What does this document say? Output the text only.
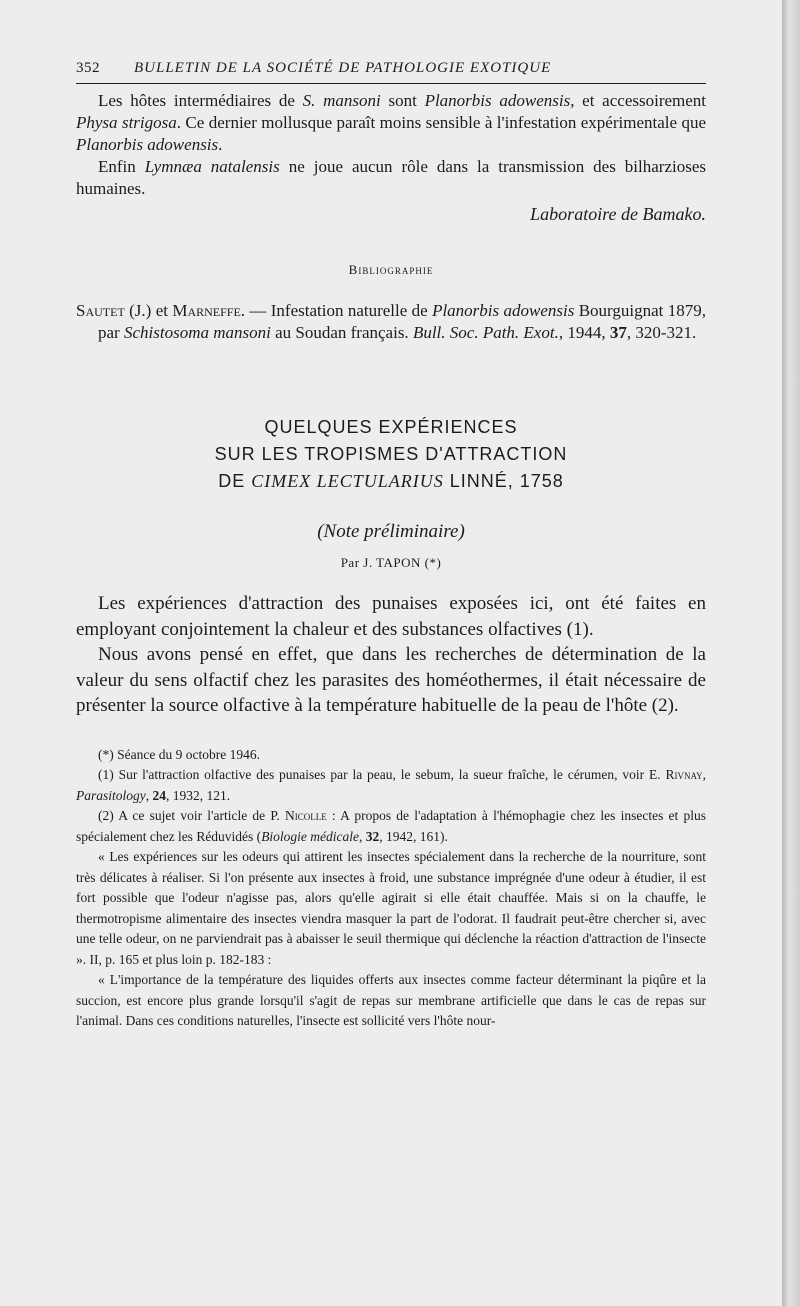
352 BULLETIN DE LA SOCIÉTÉ DE PATHOLOGIE EXOTIQUE

Les hôtes intermédiaires de S. mansoni sont Planorbis adowensis, et accessoirement Physa strigosa. Ce dernier mollusque paraît moins sensible à l'infestation expérimentale que Planorbis adowensis.

Enfin Lymnæa natalensis ne joue aucun rôle dans la transmission des bilharzioses humaines.

Laboratoire de Bamako.

Bibliographie

Sautet (J.) et Marneffe. — Infestation naturelle de Planorbis adowensis Bourguignat 1879, par Schistosoma mansoni au Soudan français. Bull. Soc. Path. Exot., 1944, 37, 320-321.

QUELQUES EXPÉRIENCES
SUR LES TROPISMES D'ATTRACTION
DE CIMEX LECTULARIUS LINNÉ, 1758
(Note préliminaire)
Par J. TAPON (*)

Les expériences d'attraction des punaises exposées ici, ont été faites en employant conjointement la chaleur et des substances olfactives (1).

Nous avons pensé en effet, que dans les recherches de détermination de la valeur du sens olfactif chez les parasites des homéothermes, il était nécessaire de présenter la source olfactive à la température habituelle de la peau de l'hôte (2).

(*) Séance du 9 octobre 1946.

(1) Sur l'attraction olfactive des punaises par la peau, le sebum, la sueur fraîche, le cérumen, voir E. Rivnay, Parasitology, 24, 1932, 121.

(2) A ce sujet voir l'article de P. Nicolle : A propos de l'adaptation à l'hémophagie chez les insectes et plus spécialement chez les Réduvidés (Biologie médicale, 32, 1942, 161).

« Les expériences sur les odeurs qui attirent les insectes spécialement dans la recherche de la nourriture, sont très délicates à réaliser. Si l'on présente aux insectes à froid, une substance imprégnée d'une odeur à étudier, il est fort possible que l'odeur n'agisse pas, alors qu'elle agirait si elle était chauffée. Mais si on la chauffe, le thermotropisme alimentaire des insectes viendra masquer la part de l'odorat. Il faudrait peut-être chercher si, avec une telle odeur, on ne parviendrait pas à abaisser le seuil thermique qui déclenche la réaction d'attraction de l'insecte ». II, p. 165 et plus loin p. 182-183 :

« L'importance de la température des liquides offerts aux insectes comme facteur déterminant la piqûre et la succion, est encore plus grande lorsqu'il s'agit de repas sur membrane artificielle que dans le cas de repas sur l'animal. Dans ces conditions naturelles, l'insecte est sollicité vers l'hôte nour-
